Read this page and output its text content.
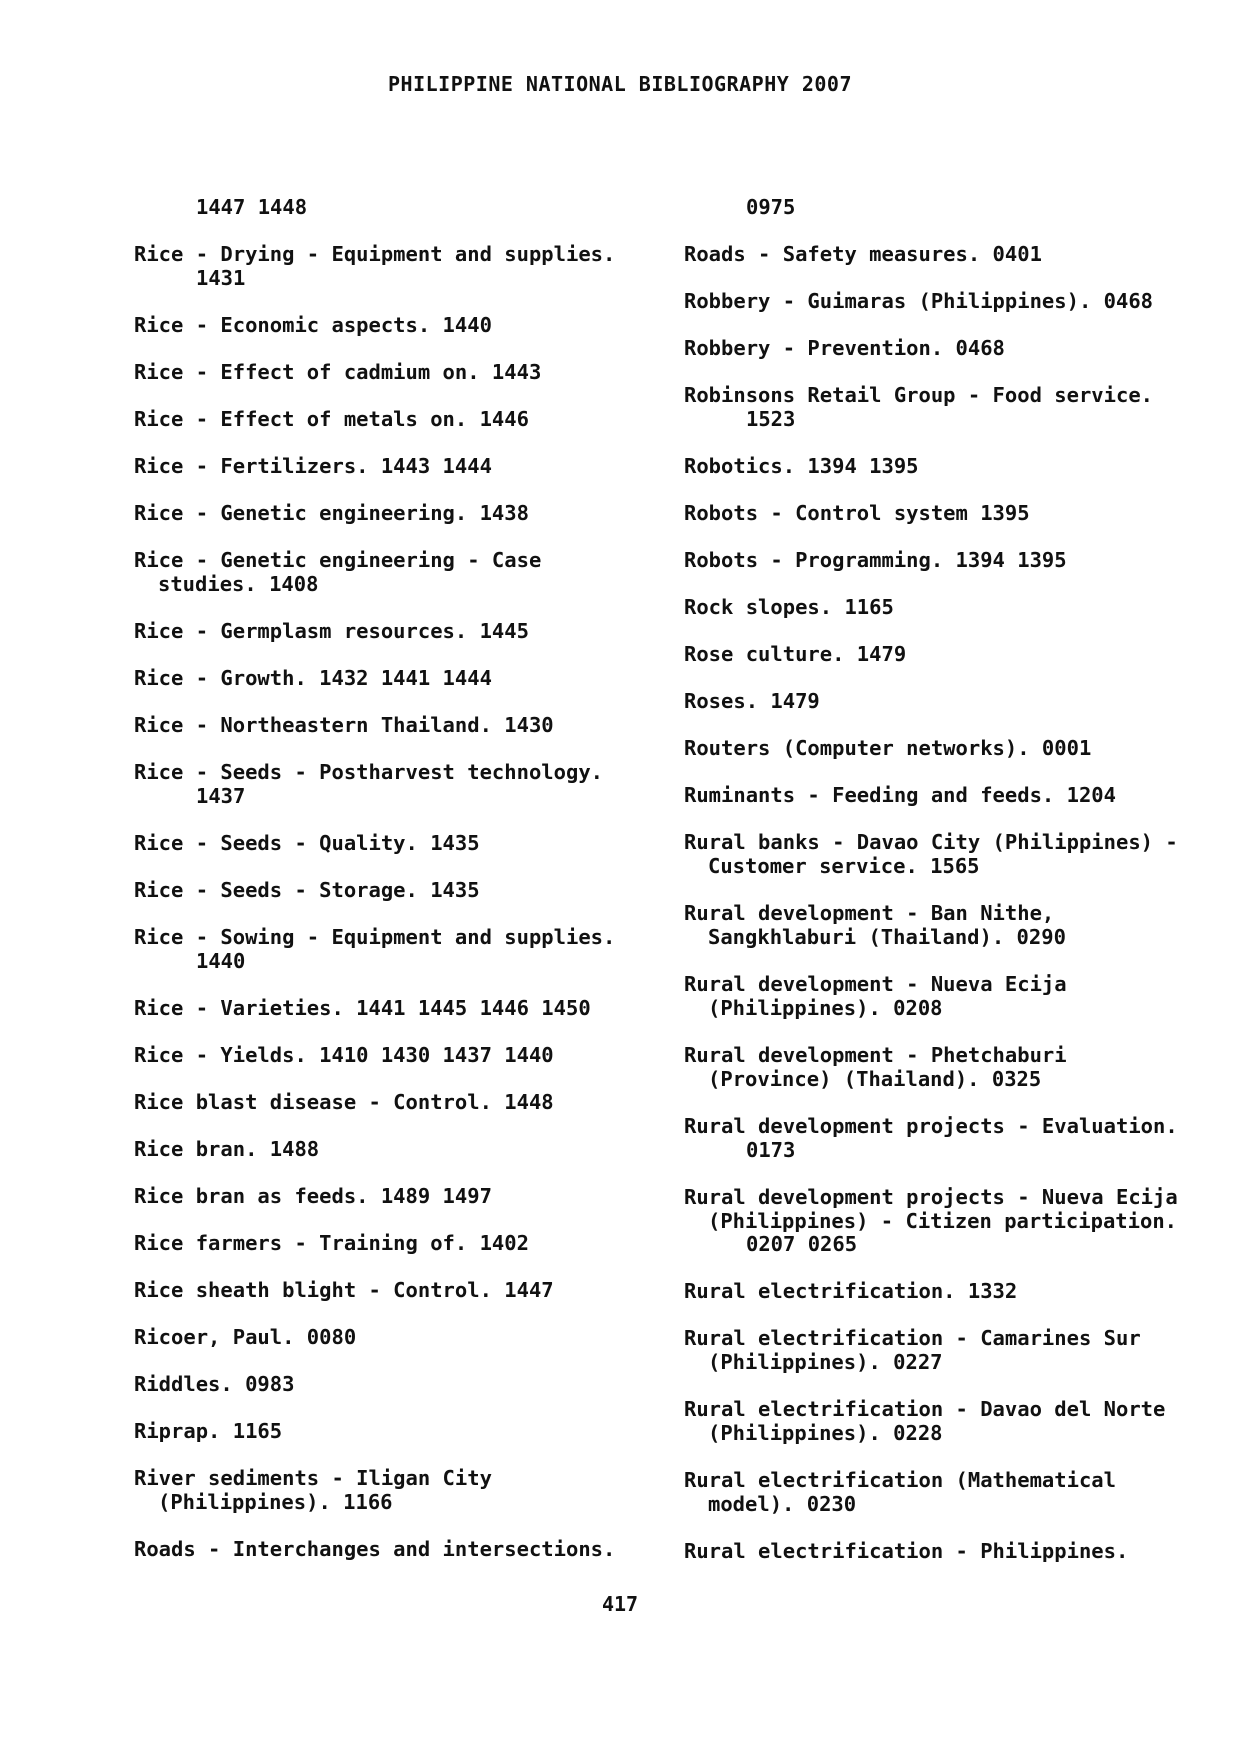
PHILIPPINE NATIONAL BIBLIOGRAPHY 2007
1447 1448
Rice - Drying - Equipment and supplies.
1431
Rice - Economic aspects. 1440
Rice - Effect of cadmium on. 1443
Rice - Effect of metals on. 1446
Rice - Fertilizers. 1443 1444
Rice - Genetic engineering. 1438
Rice - Genetic engineering - Case
studies. 1408
Rice - Germplasm resources. 1445
Rice - Growth. 1432 1441 1444
Rice - Northeastern Thailand. 1430
Rice - Seeds - Postharvest technology.
1437
Rice - Seeds - Quality. 1435
Rice - Seeds - Storage. 1435
Rice - Sowing - Equipment and supplies.
1440
Rice - Varieties. 1441 1445 1446 1450
Rice - Yields. 1410 1430 1437 1440
Rice blast disease - Control. 1448
Rice bran. 1488
Rice bran as feeds. 1489 1497
Rice farmers - Training of. 1402
Rice sheath blight - Control. 1447
Ricoer, Paul. 0080
Riddles. 0983
Riprap. 1165
River sediments - Iligan City
(Philippines). 1166
Roads - Interchanges and intersections.
0975
Roads - Safety measures. 0401
Robbery - Guimaras (Philippines). 0468
Robbery - Prevention. 0468
Robinsons Retail Group - Food service.
1523
Robotics. 1394 1395
Robots - Control system 1395
Robots - Programming. 1394 1395
Rock slopes. 1165
Rose culture. 1479
Roses. 1479
Routers (Computer networks). 0001
Ruminants - Feeding and feeds. 1204
Rural banks - Davao City (Philippines) -
Customer service. 1565
Rural development - Ban Nithe,
Sangkhlaburi (Thailand). 0290
Rural development - Nueva Ecija
(Philippines). 0208
Rural development - Phetchaburi
(Province) (Thailand). 0325
Rural development projects - Evaluation.
0173
Rural development projects - Nueva Ecija
(Philippines) - Citizen participation.
0207 0265
Rural electrification. 1332
Rural electrification - Camarines Sur
(Philippines). 0227
Rural electrification - Davao del Norte
(Philippines). 0228
Rural electrification (Mathematical
model). 0230
Rural electrification - Philippines.
417
